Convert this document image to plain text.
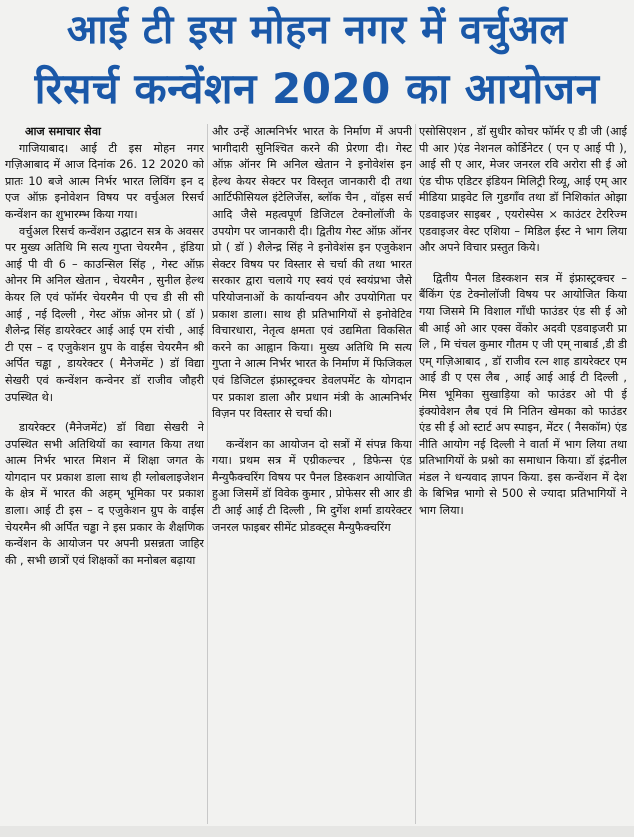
आई टी इस मोहन नगर में वर्चुअल
रिसर्च कन्वेंशन 2020 का आयोजन
आज समाचार सेवा

गाजियाबाद। आई टी इस मोहन नगर गज़िआबाद में आज दिनांक 26. 12 2020 को प्रातः 10 बजे आत्म निर्भर भारत लिविंग इन द एज ऑफ़ इनोवेशन विषय पर वर्चुअल रिसर्च कन्वेंशन का शुभारम्भ किया गया।

वर्चुअल रिसर्च कन्वेंशन उद्घाटन सत्र के अवसर पर मुख्य अतिथि मि सत्य गुप्ता चेयरमैन , इंडिया आई पी वी 6 – काउन्सिल सिंह , गेस्ट ऑफ़ ओनर मि अनिल खेतान , चेयरमैन , सुनील हेल्थ केयर लि एवं फॉर्मर चेयरमैन पी एच डी सी सी आई , नई दिल्ली , गेस्ट ऑफ़ ओनर प्रो ( डॉ ) शैलेन्द्र सिंह डायरेक्टर आई आई एम रांची , आई टी एस – द एजुकेशन ग्रुप के वाईस चेयरमैन श्री अर्पित चड्ढा , डायरेक्टर ( मैनेजमेंट ) डॉ विद्या सेखरी एवं कन्वेंशन कन्वेनर डॉ राजीव जौहरी उपस्थित थे।

डायरेक्टर (मैनेजमेंट) डॉ विद्या सेखरी ने उपस्थित सभी अतिथियों का स्वागत किया तथा आत्म निर्भर भारत मिशन में शिक्षा जगत के योगदान पर प्रकाश डाला साथ ही ग्लोबलाइजेशन के क्षेत्र में भारत की अहम् भूमिका पर प्रकाश डाला। आई टी इस – द एजुकेशन ग्रुप के वाईस चेयरमैन श्री अर्पित चड्ढा ने इस प्रकार के शैक्षणिक कन्वेंशन के आयोजन पर अपनी प्रसन्नता जाहिर की , सभी छात्रों एवं शिक्षकों का मनोबल बढ़ाया

और उन्हें आत्मनिर्भर भारत के निर्माण में अपनी भागीदारी सुनिश्चित करने की प्रेरणा दी। गेस्ट ऑफ़ ऑनर मि अनिल खेतान ने इनोवेशंस इन हेल्थ केयर सेक्टर पर विस्तृत जानकारी दी तथा आर्टिफीसियल इंटेलिजेंस, ब्लॉक चैन , वॉइस सर्च आदि जैसे महत्वपूर्ण डिजिटल टेक्नोलॉजी के उपयोग पर जानकारी दी। द्वितीय गेस्ट ऑफ़ ऑनर प्रो ( डॉ ) शैलेन्द्र सिंह ने इनोवेशंस इन एजुकेशन सेक्टर विषय पर विस्तार से चर्चा की तथा भारत सरकार द्वारा चलाये गए स्वयं एवं स्वयंप्रभा जैसे परियोजनाओं के कार्यान्वयन और उपयोगिता पर प्रकाश डाला। साथ ही प्रतिभागियों से इनोवेटिव विचारधारा, नेतृत्व क्षमता एवं उद्यमिता विकसित करने का आह्वान किया। मुख्य अतिथि मि सत्य गुप्ता ने आत्म निर्भर भारत के निर्माण में फिजिकल एवं डिजिटल इंफ्रास्ट्रक्चर डेवलपमेंट के योगदान पर प्रकाश डाला और प्रधान मंत्री के आत्मनिर्भर विज़न पर विस्तार से चर्चा की।

कन्वेंशन का आयोजन दो सत्रों में संपन्न किया गया। प्रथम सत्र में एग्रीकल्चर , डिफेन्स एंड मैन्युफैक्चरिंग विषय पर पैनल डिस्कशन आयोजित हुआ जिसमें डॉ विवेक कुमार , प्रोफेसर सी आर डी टी आई आई टी दिल्ली , मि दुर्गेश शर्मा डायरेक्टर जनरल फाइबर सीमेंट प्रोडक्ट्स मैन्युफैक्चरिंग

एसोसिएशन , डॉ सुधीर कोचर फॉर्मर ए डी जी (आई पी आर )एंड नेशनल कोर्डिनेटर ( एन ए आई पी ), आई सी ए आर, मेजर जनरल रवि अरोरा सी ई ओ एंड चीफ एडिटर इंडियन मिलिट्री रिव्यू, आई एम् आर मीडिया प्राइवेट लि गुडगाँव तथा डॉ निशिकांत ओझा एडवाइजर साइबर , एयरोस्पेस × काउंटर टेररिज्म एडवाइजर वेस्ट एशिया – मिडिल ईस्ट ने भाग लिया और अपने विचार प्रस्तुत किये।

द्वितीय पैनल डिस्कशन सत्र में इंफ्रास्ट्रक्चर – बैंकिंग एंड टेक्नोलॉजी विषय पर आयोजित किया गया जिसमे मि विशाल गाँधी फाउंडर एंड सी ई ओ बी आई ओ आर एक्स वेंकोर अदवी एडवाइजरी प्रा लि , मि चंचल कुमार गौतम ए जी एम् नाबार्ड ,डी डी एम् गज़िआबाद , डॉ राजीव रत्न शाह डायरेक्टर एम आई डी ए एस लैब , आई आई आई टी दिल्ली , मिस भूमिका सुखाड़िया को फाउंडर ओ पी ई इंक्योवेशन लैब एवं मि नितिन खेमका को फाउंडर एंड सी ई ओ स्टार्ट अप स्पाइन, मेंटर ( नैसकॉम) एंड नीति आयोग नई दिल्ली ने वार्ता में भाग लिया तथा प्रतिभागियों के प्रश्नो का समाधान किया। डॉ इंद्रनील मंडल ने धन्यवाद ज्ञापन किया. इस कन्वेंशन में देश के बिभिन्न भागो से 500 से ज्यादा प्रतिभागियों ने भाग लिया।
